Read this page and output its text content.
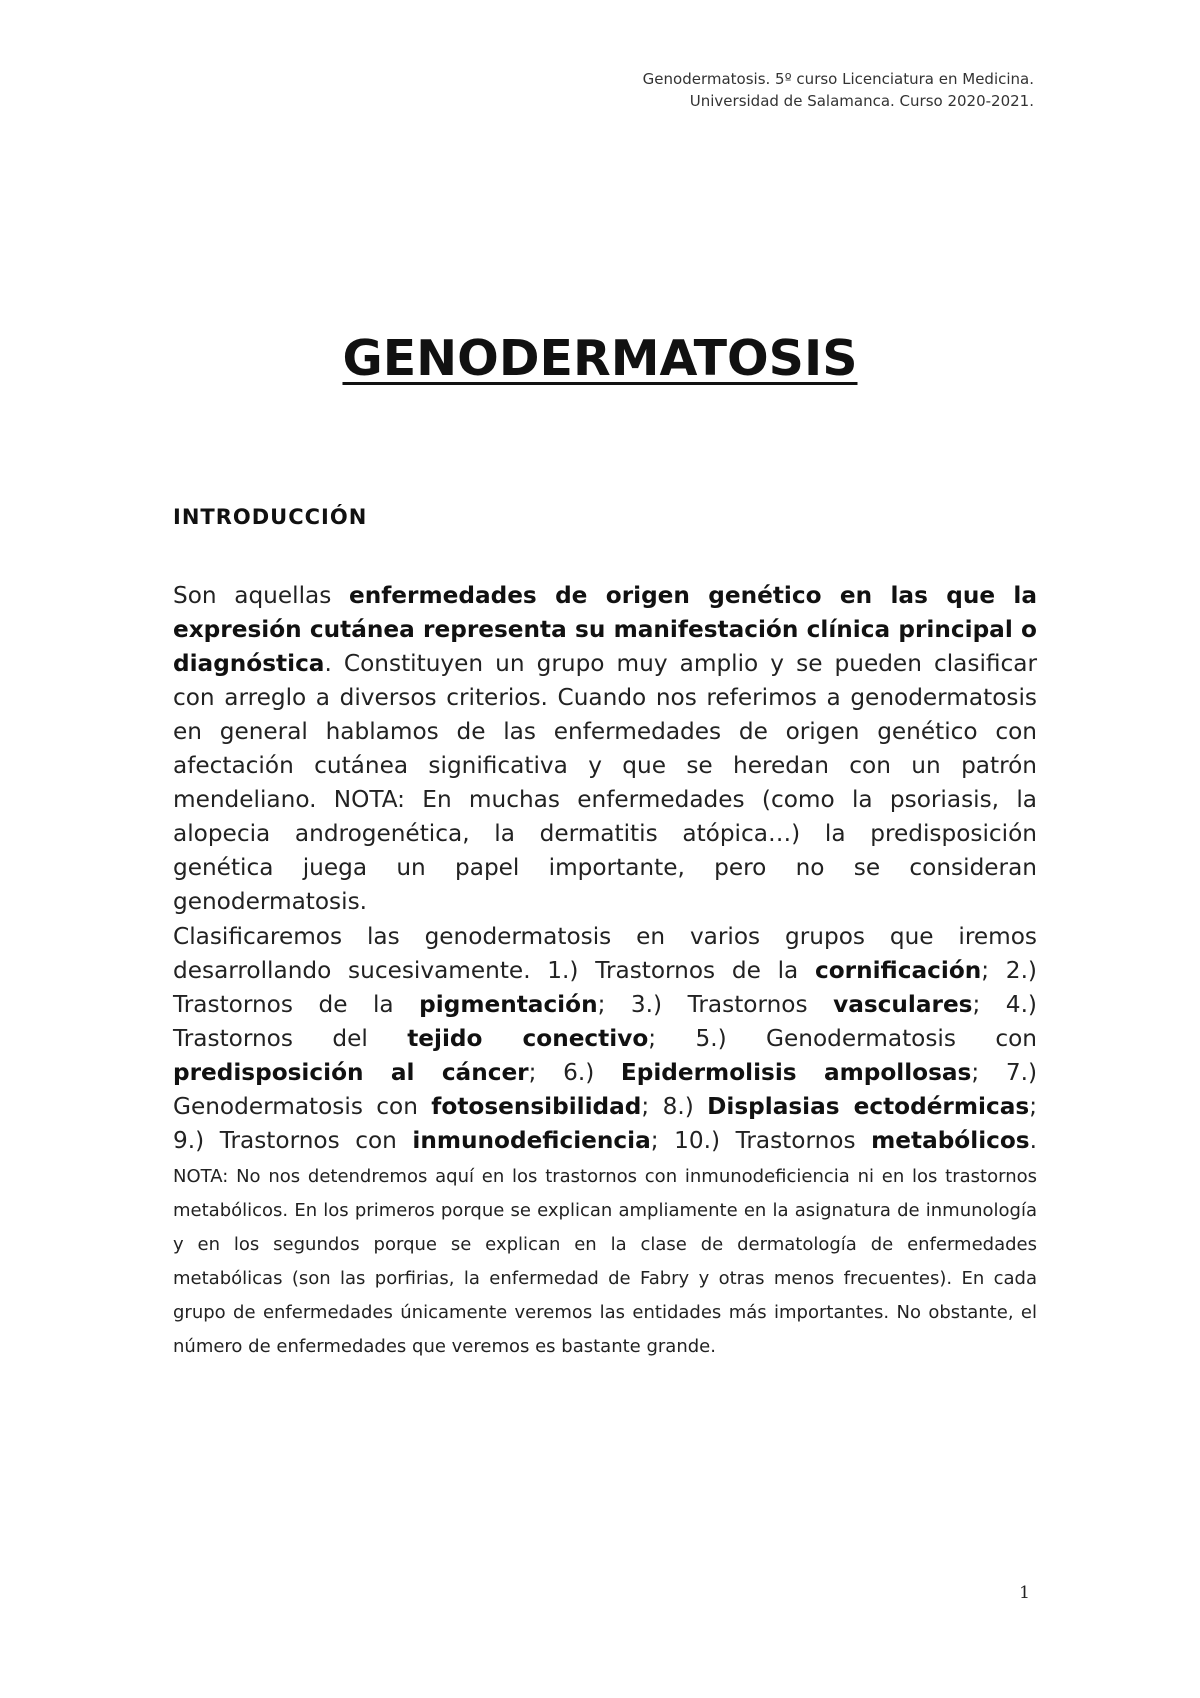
Genodermatosis. 5º curso Licenciatura en Medicina.
Universidad de Salamanca. Curso 2020-2021.
GENODERMATOSIS
INTRODUCCIÓN

Son aquellas enfermedades de origen genético en las que la expresión cutánea representa su manifestación clínica principal o diagnóstica. Constituyen un grupo muy amplio y se pueden clasificar con arreglo a diversos criterios. Cuando nos referimos a genodermatosis en general hablamos de las enfermedades de origen genético con afectación cutánea significativa y que se heredan con un patrón mendeliano. NOTA: En muchas enfermedades (como la psoriasis, la alopecia androgenética, la dermatitis atópica…) la predisposición genética juega un papel importante, pero no se consideran genodermatosis.

Clasificaremos las genodermatosis en varios grupos que iremos desarrollando sucesivamente. 1.) Trastornos de la cornificación; 2.) Trastornos de la pigmentación; 3.) Trastornos vasculares; 4.) Trastornos del tejido conectivo; 5.) Genodermatosis con predisposición al cáncer; 6.) Epidermolisis ampollosas; 7.) Genodermatosis con fotosensibilidad; 8.) Displasias ectodérmicas; 9.) Trastornos con inmunodeficiencia; 10.) Trastornos metabólicos. NOTA: No nos detendremos aquí en los trastornos con inmunodeficiencia ni en los trastornos metabólicos. En los primeros porque se explican ampliamente en la asignatura de inmunología y en los segundos porque se explican en la clase de dermatología de enfermedades metabólicas (son las porfirias, la enfermedad de Fabry y otras menos frecuentes). En cada grupo de enfermedades únicamente veremos las entidades más importantes. No obstante, el número de enfermedades que veremos es bastante grande.

1
